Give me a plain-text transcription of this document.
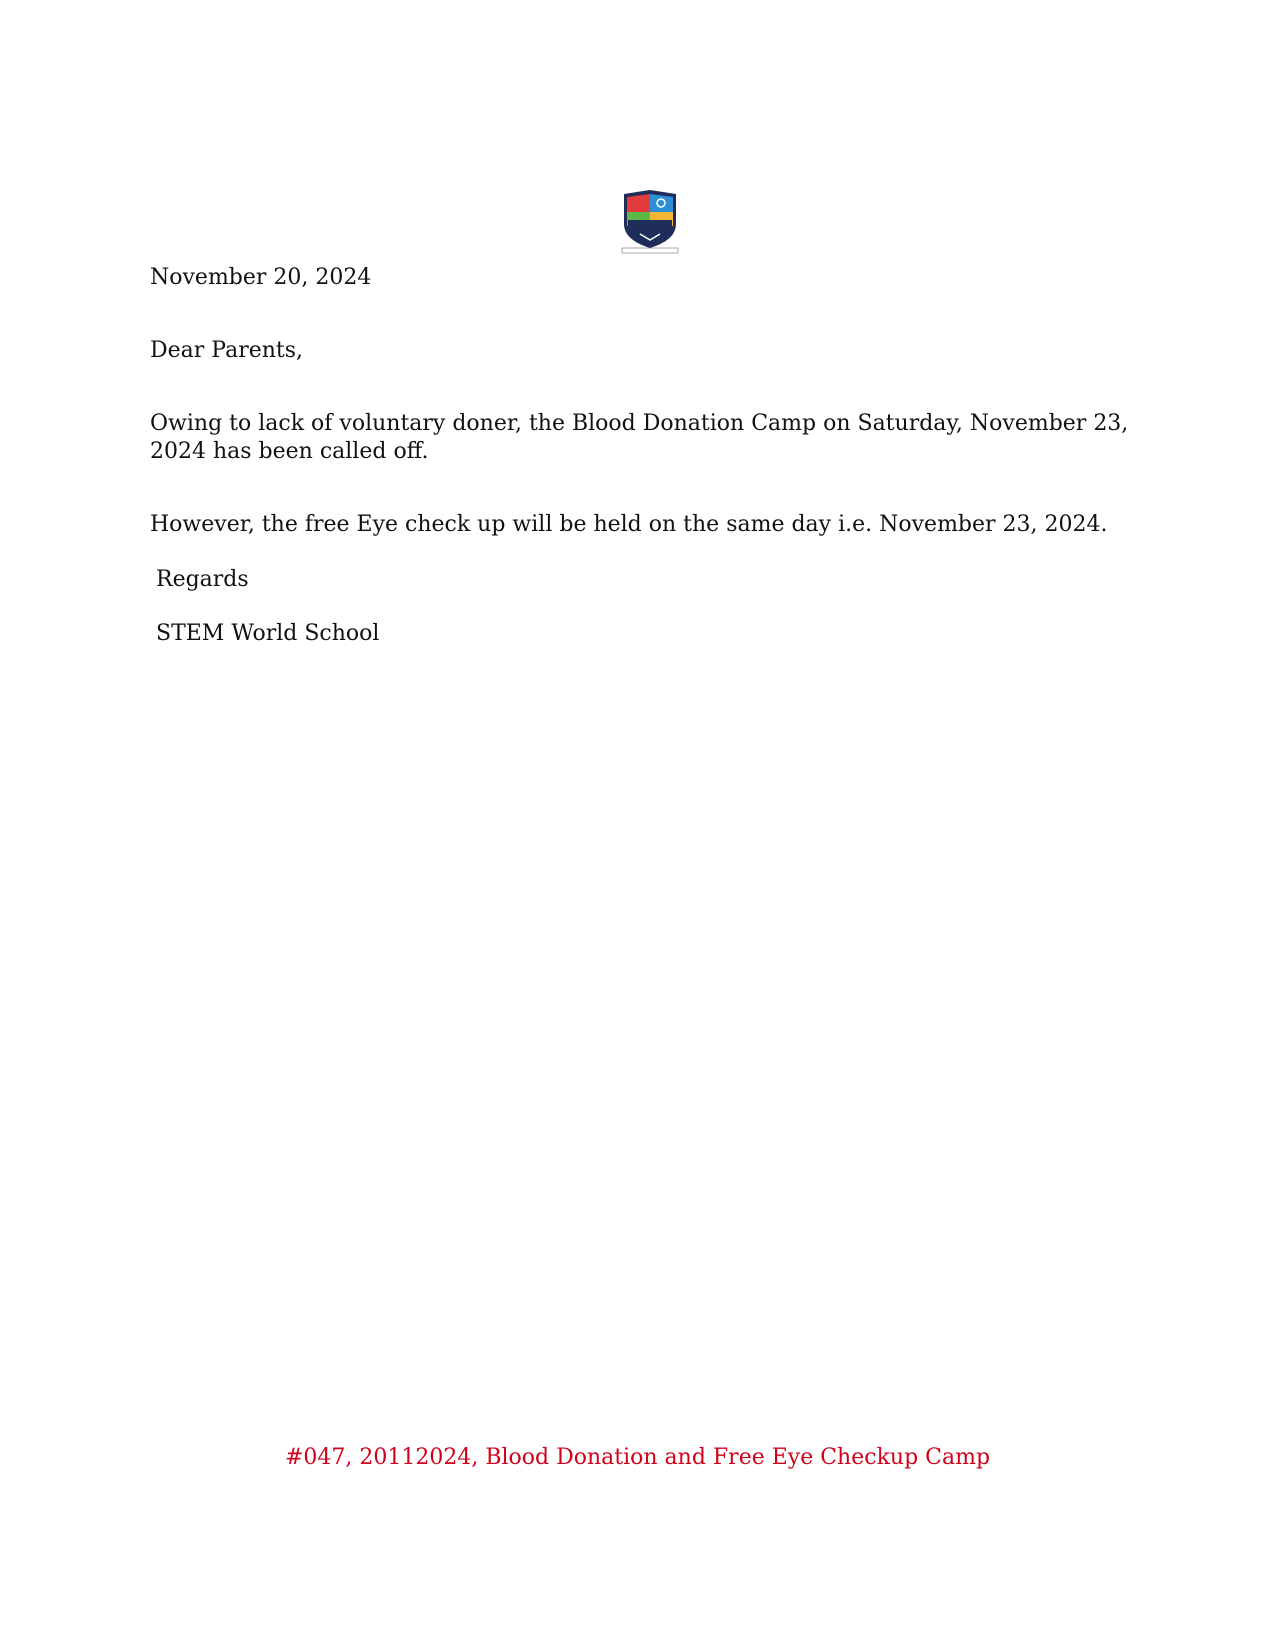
November 20, 2024

Dear Parents,

Owing to lack of voluntary doner, the Blood Donation Camp on Saturday, November 23, 2024 has been called off.

However, the free Eye check up will be held on the same day i.e. November 23, 2024.

Regards

STEM World School

#047, 20112024, Blood Donation and Free Eye Checkup Camp
